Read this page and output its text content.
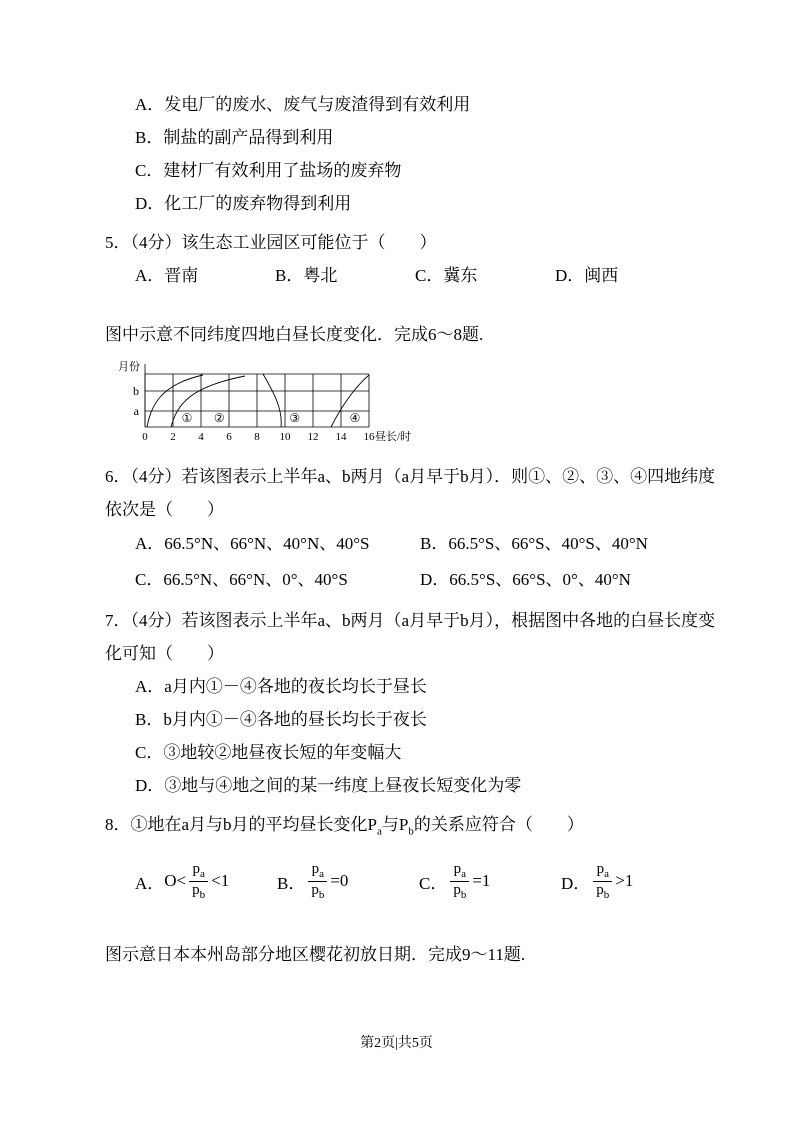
A．发电厂的废水、废气与废渣得到有效利用
B．制盐的副产品得到利用
C．建材厂有效利用了盐场的废弃物
D．化工厂的废弃物得到利用
5．（4分）该生态工业园区可能位于（　　）
A．晋南	B．粤北	C．冀东	D．闽西

图中示意不同纬度四地白昼长度变化．完成6～8题.

0 2 4 6 8 10 12 14 16
b
a
月份
昼长/时
① ②	③	④
6．（4分）若该图表示上半年a、b两月（a月早于b月）．则①、②、③、④四地纬度依次是（　　）
A．66.5°N、66°N、40°N、40°S	B．66.5°S、66°S、40°S、40°N
C．66.5°N、66°N、0°、40°S	D．66.5°S、66°S、0°、40°N
7．（4分）若该图表示上半年a、b两月（a月早于b月），根据图中各地的白昼长度变化可知（　　）
A．a月内①－④各地的夜长均长于昼长
B．b月内①－④各地的昼长均长于夜长
C．③地较②地昼夜长短的年变幅大
D．③地与④地之间的某一纬度上昼夜长短变化为零
8．①地在a月与b月的平均昼长变化$P_a$与$P_b$的关系应符合（　　）
A． $O< \frac{p_a}{p_b} <1$	B． $\frac{p_a}{p_b} =0$	C． $\frac{p_a}{p_b} =1$	D． $\frac{p_a}{p_b} >1$

图示意日本本州岛部分地区樱花初放日期．完成9～11题.

第2页|共5页
